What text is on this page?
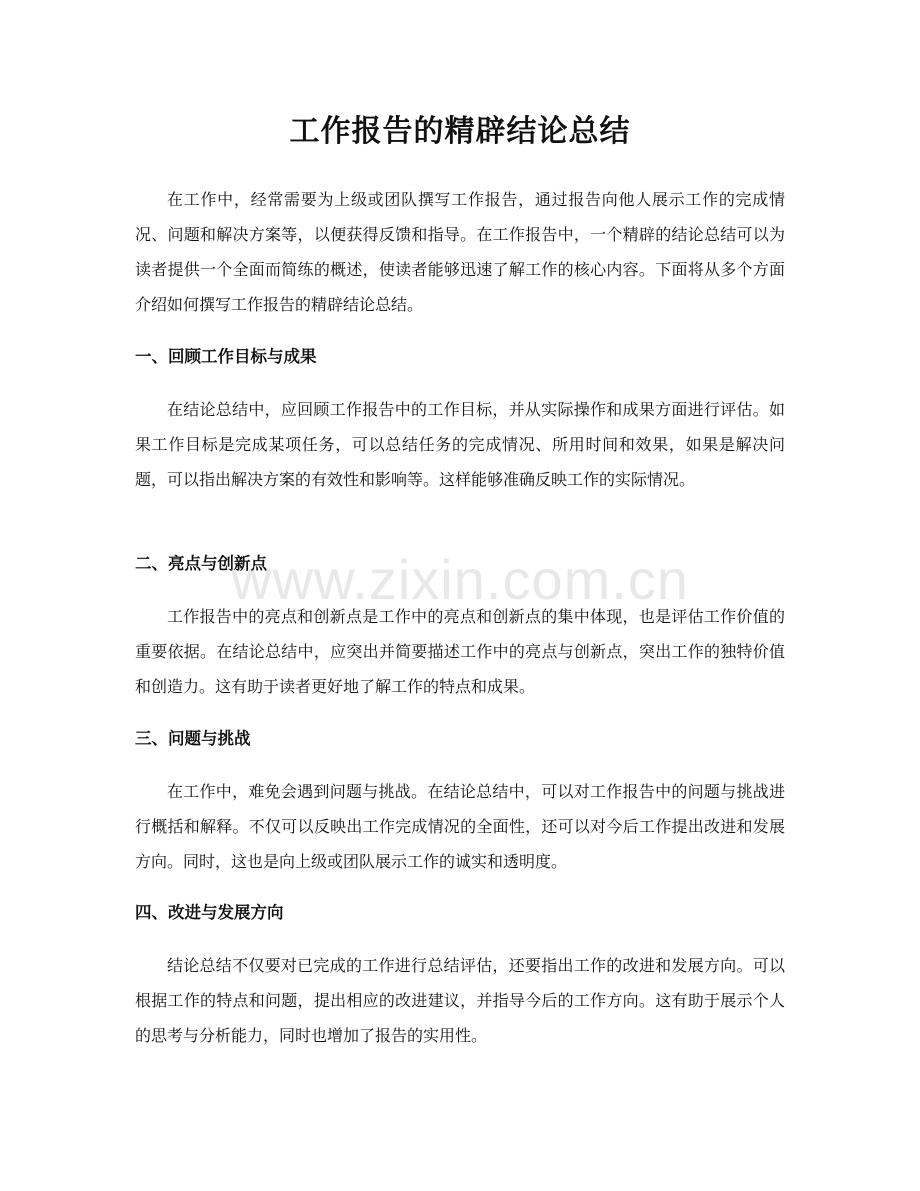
工作报告的精辟结论总结

在工作中，经常需要为上级或团队撰写工作报告，通过报告向他人展示工作的完成情况、问题和解决方案等，以便获得反馈和指导。在工作报告中，一个精辟的结论总结可以为读者提供一个全面而简练的概述，使读者能够迅速了解工作的核心内容。下面将从多个方面介绍如何撰写工作报告的精辟结论总结。

一、回顾工作目标与成果

在结论总结中，应回顾工作报告中的工作目标，并从实际操作和成果方面进行评估。如果工作目标是完成某项任务，可以总结任务的完成情况、所用时间和效果，如果是解决问题，可以指出解决方案的有效性和影响等。这样能够准确反映工作的实际情况。

二、亮点与创新点

工作报告中的亮点和创新点是工作中的亮点和创新点的集中体现，也是评估工作价值的重要依据。在结论总结中，应突出并简要描述工作中的亮点与创新点，突出工作的独特价值和创造力。这有助于读者更好地了解工作的特点和成果。

三、问题与挑战

在工作中，难免会遇到问题与挑战。在结论总结中，可以对工作报告中的问题与挑战进行概括和解释。不仅可以反映出工作完成情况的全面性，还可以对今后工作提出改进和发展方向。同时，这也是向上级或团队展示工作的诚实和透明度。

四、改进与发展方向

结论总结不仅要对已完成的工作进行总结评估，还要指出工作的改进和发展方向。可以根据工作的特点和问题，提出相应的改进建议，并指导今后的工作方向。这有助于展示个人的思考与分析能力，同时也增加了报告的实用性。

www.zixin.com.cn
